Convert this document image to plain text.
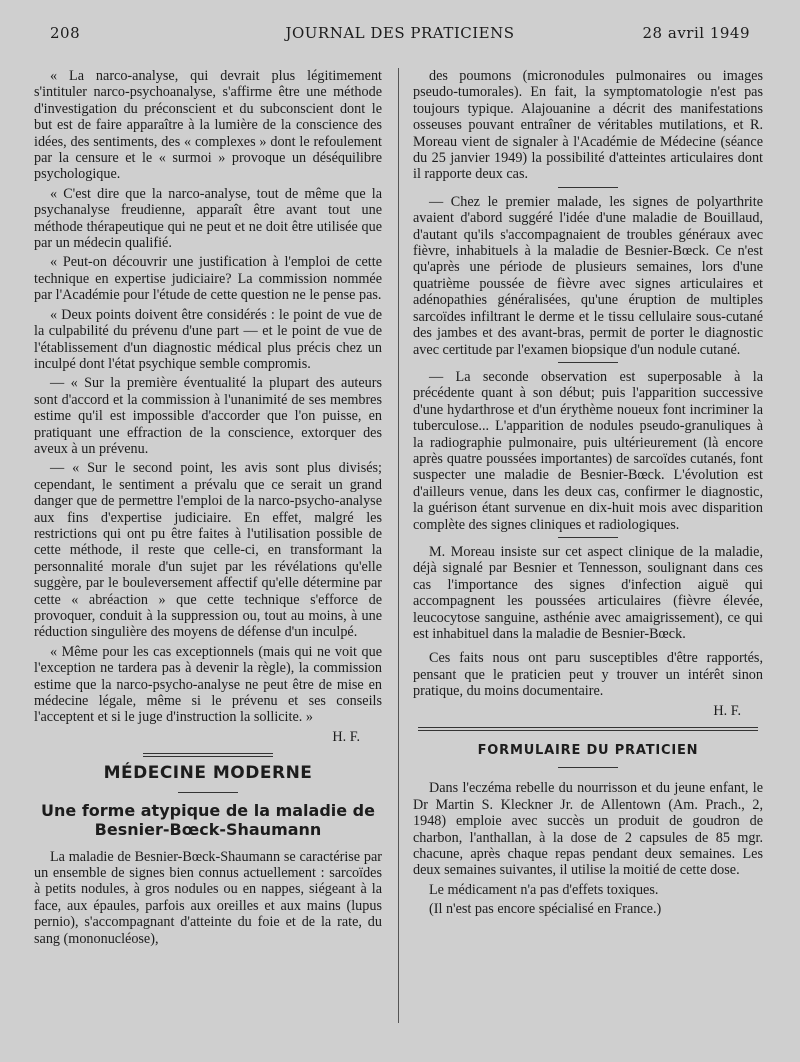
208	JOURNAL DES PRATICIENS	28 avril 1949

« La narco-analyse, qui devrait plus légitimement s'intituler narco-psychoanalyse, s'affirme être une méthode d'investigation du préconscient et du subconscient dont le but est de faire apparaître à la lumière de la conscience des idées, des sentiments, des « complexes » dont le refoulement par la censure et le « surmoi » provoque un déséquilibre psychologique.

« C'est dire que la narco-analyse, tout de même que la psychanalyse freudienne, apparaît être avant tout une méthode thérapeutique qui ne peut et ne doit être utilisée que par un médecin qualifié.

« Peut-on découvrir une justification à l'emploi de cette technique en expertise judiciaire? La commission nommée par l'Académie pour l'étude de cette question ne le pense pas.

« Deux points doivent être considérés : le point de vue de la culpabilité du prévenu d'une part — et le point de vue de l'établissement d'un diagnostic médical plus précis chez un inculpé dont l'état psychique semble compromis.

— « Sur la première éventualité la plupart des auteurs sont d'accord et la commission à l'unanimité de ses membres estime qu'il est impossible d'accorder que l'on puisse, en pratiquant une effraction de la conscience, extorquer des aveux à un prévenu.

— « Sur le second point, les avis sont plus divisés; cependant, le sentiment a prévalu que ce serait un grand danger que de permettre l'emploi de la narco-psycho-analyse aux fins d'expertise judiciaire. En effet, malgré les restrictions qui ont pu être faites à l'utilisation possible de cette méthode, il reste que celle-ci, en transformant la personnalité morale d'un sujet par les révélations qu'elle suggère, par le bouleversement affectif qu'elle détermine par cette « abréaction » que cette technique s'efforce de provoquer, conduit à la suppression ou, tout au moins, à une réduction singulière des moyens de défense d'un inculpé.

« Même pour les cas exceptionnels (mais qui ne voit que l'exception ne tardera pas à devenir la règle), la commission estime que la narco-psycho-analyse ne peut être de mise en médecine légale, même si le prévenu et ses conseils l'acceptent et si le juge d'instruction la sollicite. »

H. F.
MÉDECINE MODERNE
Une forme atypique de la maladie de Besnier-Bœck-Shaumann

La maladie de Besnier-Bœck-Shaumann se caractérise par un ensemble de signes bien connus actuellement : sarcoïdes à petits nodules, à gros nodules ou en nappes, siégeant à la face, aux épaules, parfois aux oreilles et aux mains (lupus pernio), s'accompagnant d'atteinte du foie et de la rate, du sang (mononucléose),

des poumons (micronodules pulmonaires ou images pseudo-tumorales). En fait, la symptomatologie n'est pas toujours typique. Alajouanine a décrit des manifestations osseuses pouvant entraîner de véritables mutilations, et R. Moreau vient de signaler à l'Académie de Médecine (séance du 25 janvier 1949) la possibilité d'atteintes articulaires dont il rapporte deux cas.

— Chez le premier malade, les signes de polyarthrite avaient d'abord suggéré l'idée d'une maladie de Bouillaud, d'autant qu'ils s'accompagnaient de troubles généraux avec fièvre, inhabituels à la maladie de Besnier-Bœck. Ce n'est qu'après une période de plusieurs semaines, lors d'une quatrième poussée de fièvre avec signes articulaires et adénopathies généralisées, qu'une éruption de multiples sarcoïdes infiltrant le derme et le tissu cellulaire sous-cutané des jambes et des avant-bras, permit de porter le diagnostic avec certitude par l'examen biopsique d'un nodule cutané.

— La seconde observation est superposable à la précédente quant à son début; puis l'apparition successive d'une hydarthrose et d'un érythème noueux font incriminer la tuberculose... L'apparition de nodules pseudo-granuliques à la radiographie pulmonaire, puis ultérieurement (là encore après quatre poussées importantes) de sarcoïdes cutanés, font suspecter une maladie de Besnier-Bœck. L'évolution est d'ailleurs venue, dans les deux cas, confirmer le diagnostic, la guérison étant survenue en dix-huit mois avec disparition complète des signes cliniques et radiologiques.

M. Moreau insiste sur cet aspect clinique de la maladie, déjà signalé par Besnier et Tennesson, soulignant dans ces cas l'importance des signes d'infection aiguë qui accompagnent les poussées articulaires (fièvre élevée, leucocytose sanguine, asthénie avec amaigrissement), ce qui est inhabituel dans la maladie de Besnier-Bœck.

Ces faits nous ont paru susceptibles d'être rapportés, pensant que le praticien peut y trouver un intérêt sinon pratique, du moins documentaire.

H. F.
FORMULAIRE DU PRATICIEN

Dans l'eczéma rebelle du nourrisson et du jeune enfant, le Dr Martin S. Kleckner Jr. de Allentown (Am. Prach., 2, 1948) emploie avec succès un produit de goudron de charbon, l'anthallan, à la dose de 2 capsules de 85 mgr. chacune, après chaque repas pendant deux semaines. Les deux semaines suivantes, il utilise la moitié de cette dose.

Le médicament n'a pas d'effets toxiques.

(Il n'est pas encore spécialisé en France.)
